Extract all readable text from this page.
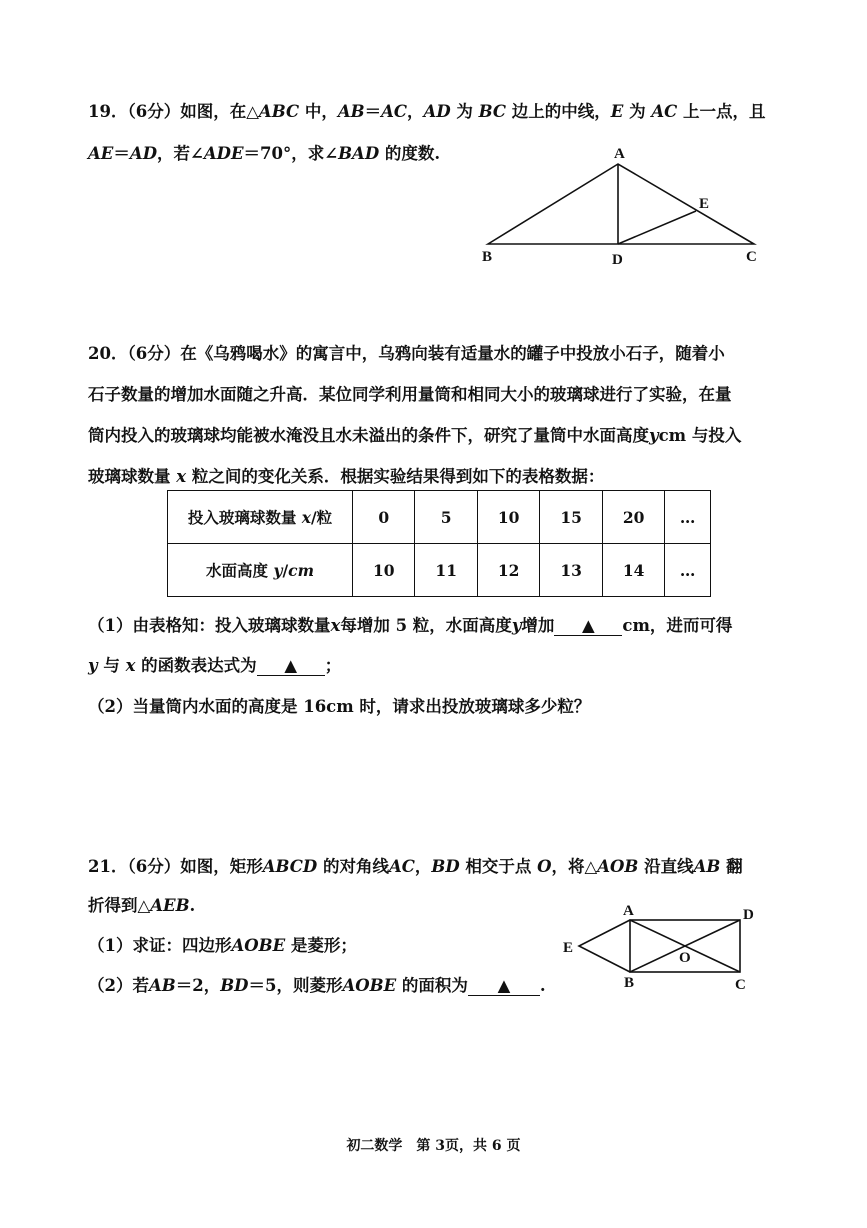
19．（6分）如图，在△ABC 中，AB＝AC，AD 为 BC 边上的中线，E 为 AC 上一点，且
AE＝AD，若∠ADE＝70°，求∠BAD 的度数.	A
B	D	C
E
20．（6分）在《乌鸦喝水》的寓言中，乌鸦向装有适量水的罐子中投放小石子，随着小
石子数量的增加水面随之升高．某位同学利用量筒和相同大小的玻璃球进行了实验，在量
筒内投入的玻璃球均能被水淹没且水未溢出的条件下，研究了量筒中水面高度ycm 与投入
玻璃球数量 x 粒之间的变化关系．根据实验结果得到如下的表格数据：
投入玻璃球数量 x/粒	0	5	10	15	20	…
水面高度 y/cm	10	11	12	13	14	…
（1）由表格知：投入玻璃球数量x每增加 5 粒，水面高度y增加 ▲ cm，进而可得
y 与 x 的函数表达式为 ▲ ；
（2）当量筒内水面的高度是 16cm 时，请求出投放玻璃球多少粒？
21．（6分）如图，矩形ABCD 的对角线AC，BD 相交于点 O，将△AOB 沿直线AB 翻
折得到△AEB.
（1）求证：四边形AOBE 是菱形；
（2）若AB＝2，BD＝5，则菱形AOBE 的面积为 ▲ .
A	D
E
O
B	C
初二数学　第 3页，共 6 页
